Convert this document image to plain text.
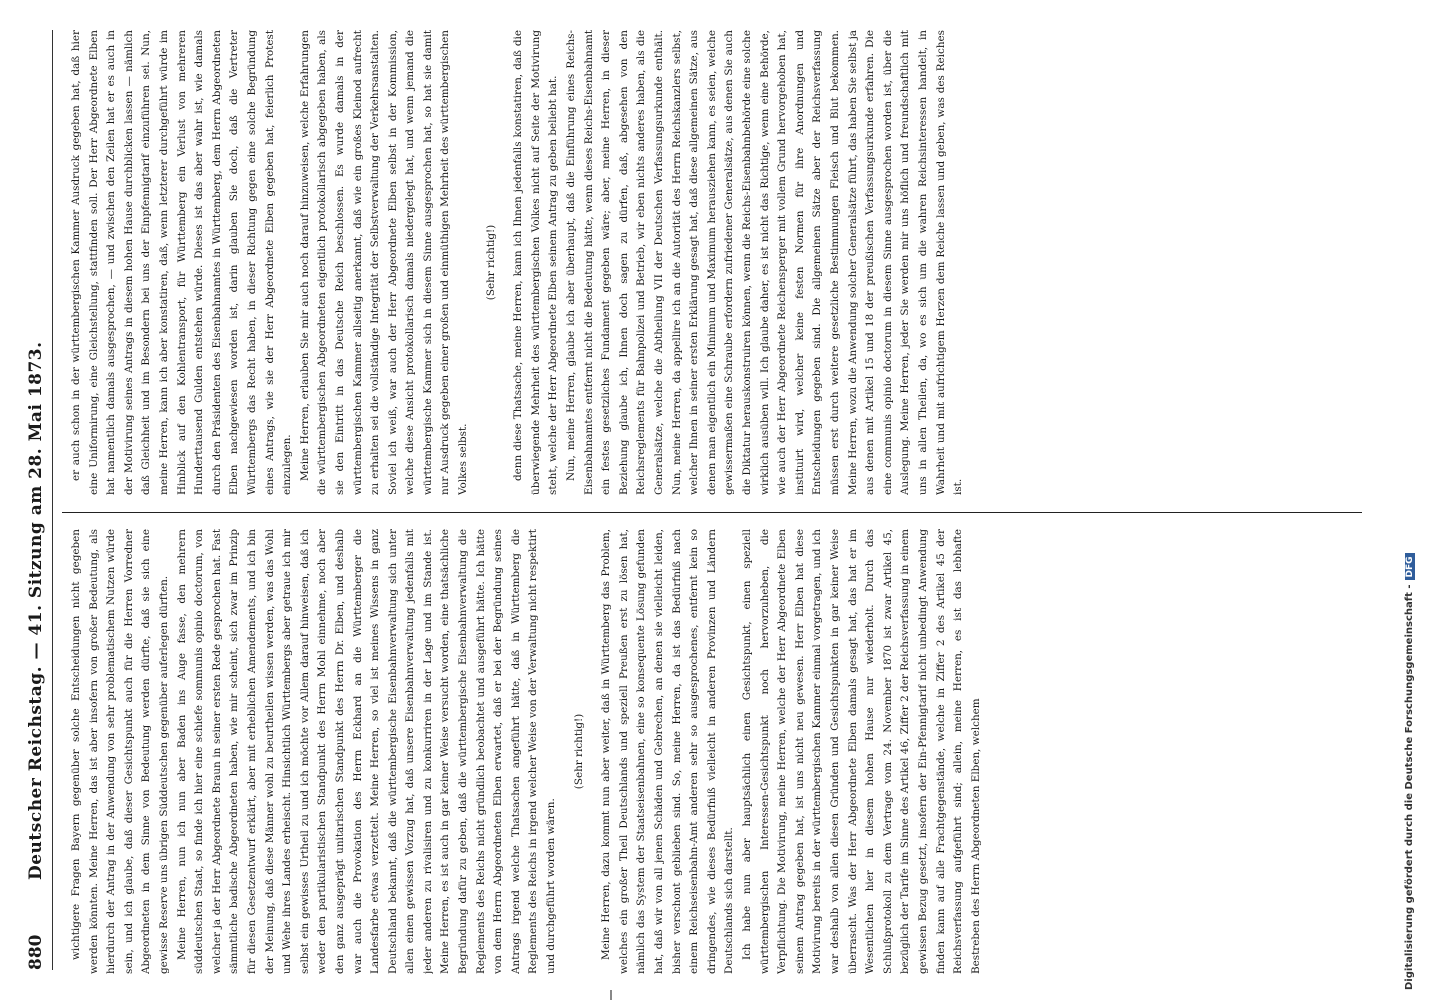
880
Deutscher Reichstag. — 41. Sitzung am 28. Mai 1873. wichtigere Fragen Bayern gegenüber solche Entscheidungen nicht gegeben werden könnten. Meine Herren, das ist aber insofern von großer Bedeutung, als hierdurch der Antrag in der Anwendung von sehr problematischem Nutzen würde sein, und ich glaube, daß dieser Gesichtspunkt auch für die Herren Vorredner Abgeordneten in dem Sinne von Bedeutung werden dürfte, daß sie sich eine gewisse Reserve uns übrigen Süddeutschen gegenüber auferlegen dürften. Meine Herren, nun ich nun aber Baden ins Auge fasse, den mehrern süddeutschen Staat, so finde ich hier eine schiefe sommunis opinio doctorum, von welcher ja der Herr Abgeordnete Braun in seiner ersten Rede gesprochen hat. Fast sämmtliche badische Abgeordneten haben, wie mir scheint, sich zwar im Prinzip für diesen Gesetzentwurf erklärt, aber mit erheblichen Amendements, und ich bin der Meinung, daß diese Männer wohl zu beurtheilen wissen werden, was das Wohl und Wehe ihres Landes erheischt. Hinsichtlich Württembergs aber getraue ich mir selbst ein gewisses Urtheil zu und ich möchte vor Allem darauf hinweisen, daß ich weder den partikularistischen Standpunkt des Herrn Mohl einnehme, noch aber den ganz ausgeprägt unitarischen Standpunkt des Herrn Dr. Elben, und deshalb war auch die Provokation des Herrn Eckhard an die Württemberger die Landesfarbe etwas verzettelt. Meine Herren, so viel ist meines Wissens in ganz Deutschland bekannt, daß die württembergische Eisenbahnverwaltung sich unter allen einen gewissen Vorzug hat, daß unsere Eisenbahnverwaltung jedenfalls mit jeder anderen zu rivalisiren und zu konkurriren in der Lage und im Stande ist. Meine Herren, es ist auch in gar keiner Weise versucht worden, eine thatsächliche Begründung dafür zu geben, daß die württembergische Eisenbahnverwaltung die Reglements des Reichs nicht gründlich beobachtet und ausgeführt hätte. Ich hätte von dem Herrn Abgeordneten Elben erwartet, daß er bei der Begründung seines Antrags irgend welche Thatsachen angeführt hätte, daß in Württemberg die Reglements des Reichs in irgend welcher Weise von der Verwaltung nicht respektirt und durchgeführt worden wären.

(Sehr richtig!)	Meine Herren, dazu kommt nun aber weiter, daß in Württemberg das Problem, welches ein großer Theil Deutschlands und speziell Preußen erst zu lösen hat, nämlich das System der Staatseisenbahnen, eine so konsequente Lösung gefunden hat, daß wir von all jenen Schäden und Gebrechen, an denen sie vielleicht leiden, bisher verschont geblieben sind. So, meine Herren, da ist das Bedürfniß nach einem Reichseisenbahn-Amt anderen sehr so ausgesprochenes, entfernt kein so dringendes, wie dieses Bedürfniß vielleicht in anderen Provinzen und Ländern Deutschlands sich darstellt. Ich habe nun aber hauptsächlich einen Gesichtspunkt, einen speziell württembergischen Interessen-Gesichtspunkt noch hervorzuheben, die Verpflichtung. Die Motivirung, meine Herren, welche der Herr Abgeordnete Elben seinem Antrag gegeben hat, ist uns nicht neu gewesen. Herr Elben hat diese Motivirung bereits in der württembergischen Kammer einmal vorgetragen, und ich war deshalb von allen diesen Gründen und Gesichtspunkten in gar keiner Weise überrascht. Was der Herr Abgeordnete Elben damals gesagt hat, das hat er im Wesentlichen hier in diesem hohen Hause nur wiederholt. Durch das Schlußprotokoll zu dem Vertrage vom 24. November 1870 ist zwar Artikel 45, bezüglich der Tarife im Sinne des Artikel 46, Ziffer 2 der Reichsverfassung in einem gewissen Bezug gesetzt, insofern der Ein-Pfennigtarif nicht unbedingt Anwendung finden kann auf alle Frachtgegenstände, welche in Ziffer 2 des Artikel 45 der Reichsverfassung aufgeführt sind; allein, meine Herren, es ist das lebhafte Bestreben des Herrn Abgeordneten Elben, welchem

er auch schon in der württembergischen Kammer Ausdruck gegeben hat, daß hier eine Uniformirung, eine Gleichstellung, stattfinden soll. Der Herr Abgeordnete Elben hat namentlich damals ausgesprochen, — und zwischen den Zeilen hat er es auch in der Motivirung seines Antrags in diesem hohen Hause durchblicken lassen — nämlich daß Gleichheit und im Besondern bei uns der Einpfennigtarif einzuführen sei. Nun, meine Herren, kann ich aber konstatiren, daß, wenn letzterer durchgeführt würde im Hinblick auf den Kohlentransport, für Württemberg ein Verlust von mehreren Hunderttausend Gulden entstehen würde. Dieses ist das aber wahr ist, wie damals durch den Präsidenten des Eisenbahnamtes in Württemberg, dem Herrn Abgeordneten Elben nachgewiesen worden ist, darin glauben Sie doch, daß die Vertreter Württembergs das Recht haben, in dieser Richtung gegen eine solche Begründung eines Antrags, wie sie der Herr Abgeordnete Elben gegeben hat, feierlich Protest einzulegen. Meine Herren, erlauben Sie mir auch noch darauf hinzuweisen, welche Erfahrungen die württembergischen Abgeordneten eigentlich protokollarisch abgegeben haben, als sie den Eintritt in das Deutsche Reich beschlossen. Es wurde damals in der württembergischen Kammer allseitig anerkannt, daß wie ein großes Kleinod aufrecht zu erhalten sei die vollständige Integrität der Selbstverwaltung der Verkehrsanstalten. Soviel ich weiß, war auch der Herr Abgeordnete Elben selbst in der Kommission, welche diese Ansicht protokollarisch damals niedergelegt hat, und wenn jemand die württembergische Kammer sich in diesem Sinne ausgesprochen hat, so hat sie damit nur Ausdruck gegeben einer großen und einmüthigen Mehrheit des württembergischen Volkes selbst.

(Sehr richtig!)	denn diese Thatsache, meine Herren, kann ich Ihnen jedenfalls konstatiren, daß die überwiegende Mehrheit des württembergischen Volkes nicht auf Seite der Motivirung steht, welche der Herr Abgeordnete Elben seinem Antrag zu geben beliebt hat. Nun, meine Herren, glaube ich aber überhaupt, daß die Einführung eines Reichs-Eisenbahnamtes entfernt nicht die Bedeutung hätte, wenn dieses Reichs-Eisenbahnamt ein festes gesetzliches Fundament gegeben wäre; aber, meine Herren, in dieser Beziehung glaube ich, Ihnen doch sagen zu dürfen, daß, abgesehen von den Reichsreglements für Bahnpolizei und Betrieb, wir eben nichts anderes haben, als die Generalsätze, welche die Abtheilung VII der Deutschen Verfassungsurkunde enthält. Nun, meine Herren, da appellire ich an die Autorität des Herrn Reichskanzlers selbst, welcher Ihnen in seiner ersten Erklärung gesagt hat, daß diese allgemeinen Sätze, aus denen man eigentlich ein Minimum und Maximum herausziehen kann, es seien, welche gewissermaßen eine Schraube erfordern zufriedener Generalsätze, aus denen Sie auch die Diktatur herauskonstruiren können, wenn die Reichs-Eisenbahnbehörde eine solche wirklich ausüben will. Ich glaube daher, es ist nicht das Richtige, wenn eine Behörde, wie auch der Herr Abgeordnete Reichensperger mit vollem Grund hervorgehoben hat, instituirt wird, welcher keine festen Normen für ihre Anordnungen und Entscheidungen gegeben sind. Die allgemeinen Sätze aber der Reichsverfassung müssen erst durch weitere gesetzliche Bestimmungen Fleisch und Blut bekommen. Meine Herren, wozu die Anwendung solcher Generalsätze führt, das haben Sie selbst ja aus denen mit Artikel 15 und 18 der preußischen Verfassungsurkunde erfahren. Die eine communis opinio doctorum in diesem Sinne ausgesprochen worden ist, über die Auslegung. Meine Herren, jeder Sie werden mir uns höflich und freundschaftlich mit uns in allen Theilen, da, wo es sich um die wahren Reichsinteressen handelt, in Wahrheit und mit aufrichtigem Herzen dem Reiche lassen und geben, was des Reiches ist.

Digitalisierung gefördert durch die Deutsche Forschungsgemeinschaft -DFG
